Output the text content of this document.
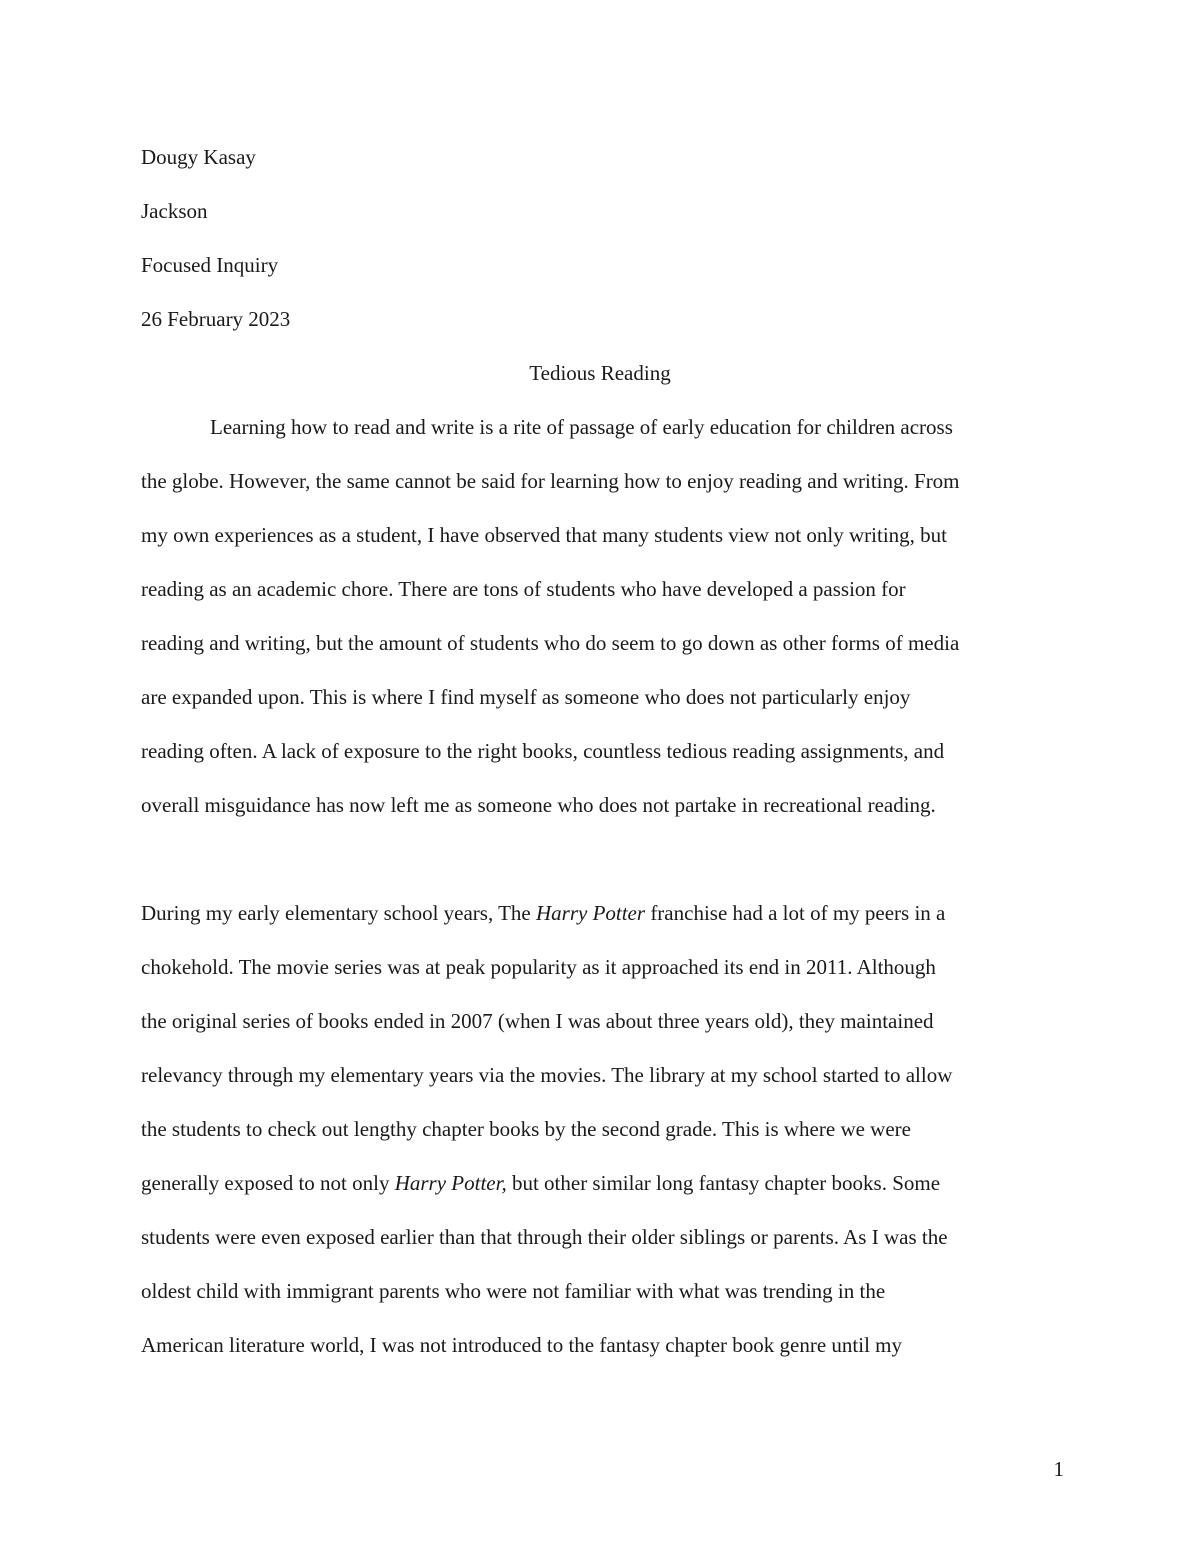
Dougy Kasay
Jackson
Focused Inquiry
26 February 2023
Tedious Reading
Learning how to read and write is a rite of passage of early education for children across
the globe. However, the same cannot be said for learning how to enjoy reading and writing. From
my own experiences as a student, I have observed that many students view not only writing, but
reading as an academic chore. There are tons of students who have developed a passion for
reading and writing, but the amount of students who do seem to go down as other forms of media
are expanded upon. This is where I find myself as someone who does not particularly enjoy
reading often. A lack of exposure to the right books, countless tedious reading assignments, and
overall misguidance has now left me as someone who does not partake in recreational reading.
During my early elementary school years, The Harry Potter franchise had a lot of my peers in a
chokehold. The movie series was at peak popularity as it approached its end in 2011. Although
the original series of books ended in 2007 (when I was about three years old), they maintained
relevancy through my elementary years via the movies. The library at my school started to allow
the students to check out lengthy chapter books by the second grade. This is where we were
generally exposed to not only Harry Potter, but other similar long fantasy chapter books. Some
students were even exposed earlier than that through their older siblings or parents. As I was the
oldest child with immigrant parents who were not familiar with what was trending in the
American literature world, I was not introduced to the fantasy chapter book genre until my
1
